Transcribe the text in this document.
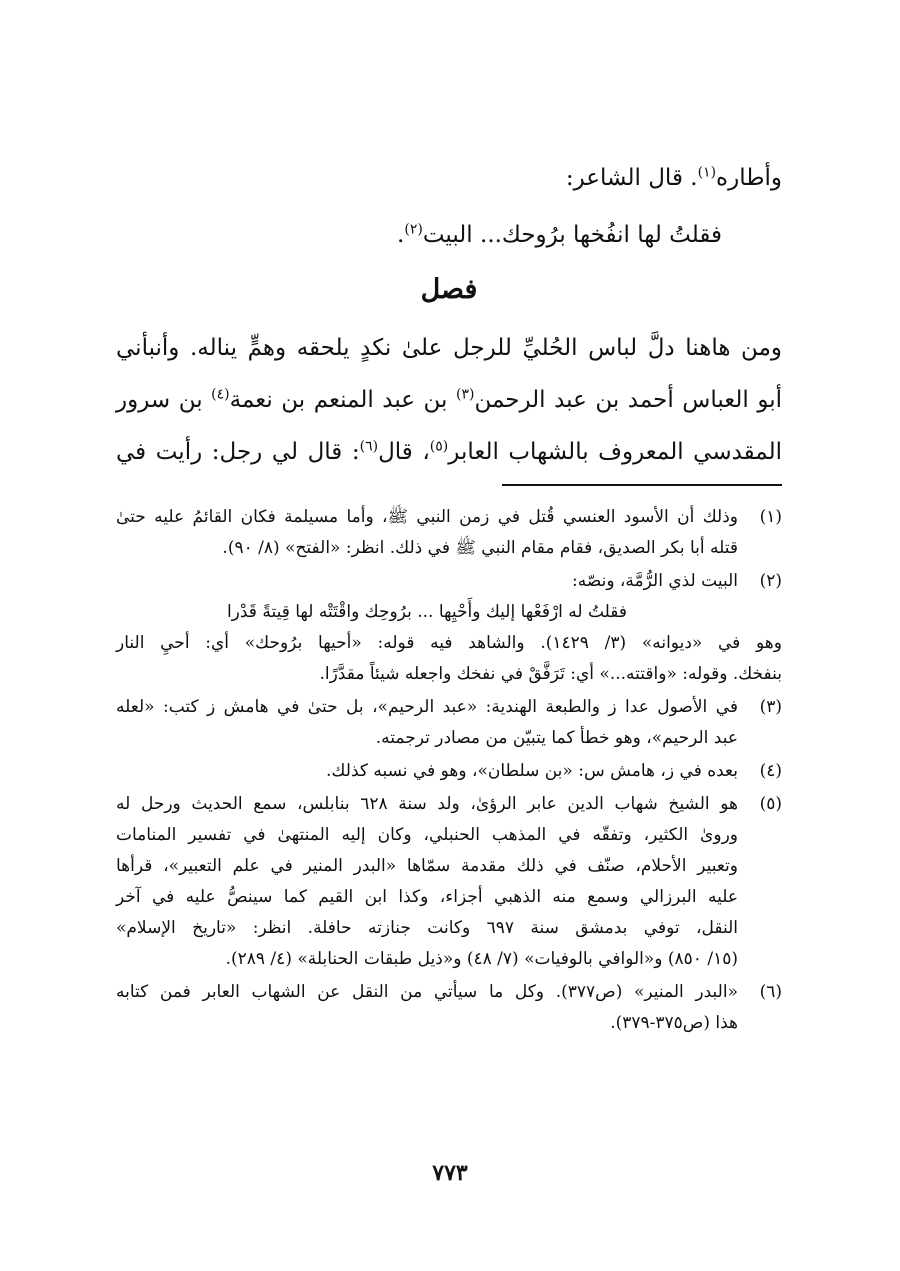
وأطاره$^{(١)}$. قال الشاعر:
فقلتُ لها انفُخها برُوحك... البيت$^{(٢)}$.
فصل
ومن هاهنا دلَّ لباس الحُليِّ للرجل علىٰ نكدٍ يلحقه وهمٍّ يناله. وأنبأني
أبو العباس أحمد بن عبد الرحمن$^{(٣)}$ بن عبد المنعم بن نعمة$^{(٤)}$ بن سرور
المقدسي المعروف بالشهاب العابر$^{(٥)}$، قال$^{(٦)}$: قال لي رجل: رأيت في
(١)
وذلك أن الأسود العنسي قُتل في زمن النبي ﷺ، وأما مسيلمة فكان القائمُ عليه حتىٰ
قتله أبا بكر الصديق، فقام مقام النبي ﷺ في ذلك. انظر: «الفتح» (٨/ ٩٠).
(٢)
البيت لذي الرُّمَّة، ونصّه:
فقلتُ له ارْفَعْها إليك وأَحْيِها ... برُوحِك واقْتَتْه لها قِيتةً قَدْرا
وهو في «ديوانه» (٣/ ١٤٢٩). والشاهد فيه قوله: «أحيها برُوحك» أي: أحيِ النار
بنفخك. وقوله: «واقتته...» أي: تَرَفَّقْ في نفخك واجعله شيئاً مقدَّرًا.
(٣)
في الأصول عدا ز والطبعة الهندية: «عبد الرحيم»، بل حتىٰ في هامش ز كتب: «لعله
عبد الرحيم»، وهو خطأ كما يتبيّن من مصادر ترجمته.
(٤)
بعده في ز، هامش س: «بن سلطان»، وهو في نسبه كذلك.
(٥)
هو الشيخ شهاب الدين عابر الرؤىٰ، ولد سنة ٦٢٨ بنابلس، سمع الحديث ورحل له
وروىٰ الكثير، وتفقّه في المذهب الحنبلي، وكان إليه المنتهىٰ في تفسير المنامات
وتعبير الأحلام، صنّف في ذلك مقدمة سمّاها «البدر المنير في علم التعبير»، قرأها
عليه البرزالي وسمع منه الذهبي أجزاء، وكذا ابن القيم كما سينصُّ عليه في آخر
النقل، توفي بدمشق سنة ٦٩٧ وكانت جنازته حافلة. انظر: «تاريخ الإسلام»
(١٥/ ٨٥٠) و«الوافي بالوفيات» (٧/ ٤٨) و«ذيل طبقات الحنابلة» (٤/ ٢٨٩).
(٦)
«البدر المنير» (ص٣٧٧). وكل ما سيأتي من النقل عن الشهاب العابر فمن كتابه
هذا (ص٣٧٥-٣٧٩).
٧٧٣
